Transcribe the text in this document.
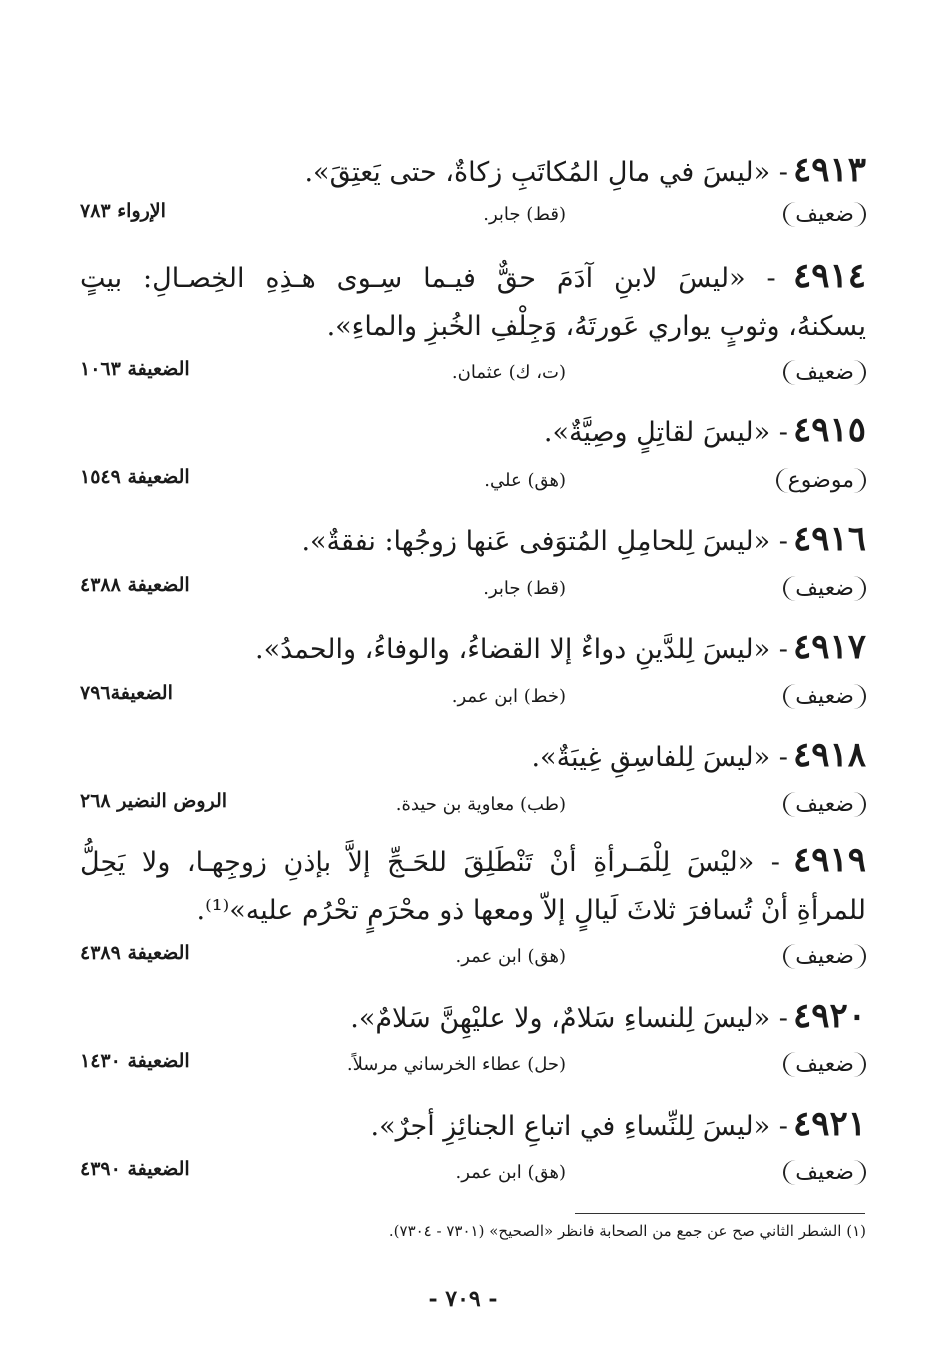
٤٩١٣ - «ليسَ في مالِ المُكاتَبِ زكاةٌ، حتى يَعتِقَ».
ضعيف
(قط) جابر.
الإرواء ٧٨٣
٤٩١٤ - «ليسَ لابنِ آدَمَ حقٌّ فيـما سِـوى هـذِهِ الخِصـالِ: بيتٍ
يسكنهُ، وثوبٍ يواري عَورتَهُ، وَجِلْفِ الخُبزِ والماءِ».
ضعيف
(ت، ك) عثمان.
الضعيفة ١٠٦٣
٤٩١٥ - «ليسَ لقاتِلٍ وصِيَّةٌ».
موضوع
(هق) علي.
الضعيفة ١٥٤٩
٤٩١٦ - «ليسَ لِلحامِلِ المُتوَفى عَنها زوجُها: نفقةٌ».
ضعيف
(قط) جابر.
الضعيفة ٤٣٨٨
٤٩١٧ - «ليسَ لِلدَّينِ دواءٌ إلا القضاءُ، والوفاءُ، والحمدُ».
ضعيف
(خط) ابن عمر.
الضعيفة٧٩٦
٤٩١٨ - «ليسَ لِلفاسِقِ غِيبَةٌ».
ضعيف
(طب) معاوية بن حيدة.
الروض النضير ٢٦٨
٤٩١٩ - «ليْسَ لِلْمَـرأةِ أنْ تَنْطَلِقَ للحَـجِّ إلاَّ بإذنِ زوجِهـا، ولا يَحِلُّ
للمرأةِ أنْ تُسافرَ ثلاثَ لَيالٍ إلاّ ومعها ذو محْرَمٍ تحْرُم عليه»⁽¹⁾.
ضعيف
(هق) ابن عمر.
الضعيفة ٤٣٨٩
٤٩٢٠ - «ليسَ لِلنساءِ سَلامٌ، ولا عليْهِنَّ سَلامٌ».
ضعيف
(حل) عطاء الخرساني مرسلاً.
الضعيفة ١٤٣٠
٤٩٢١ - «ليسَ لِلنِّساءِ في اتباعِ الجنائِزِ أجرٌ».
ضعيف
(هق) ابن عمر.
الضعيفة ٤٣٩٠
(١) الشطر الثاني صح عن جمع من الصحابة فانظر «الصحيح» (٧٣٠١ - ٧٣٠٤).
- ٧٠٩ -
